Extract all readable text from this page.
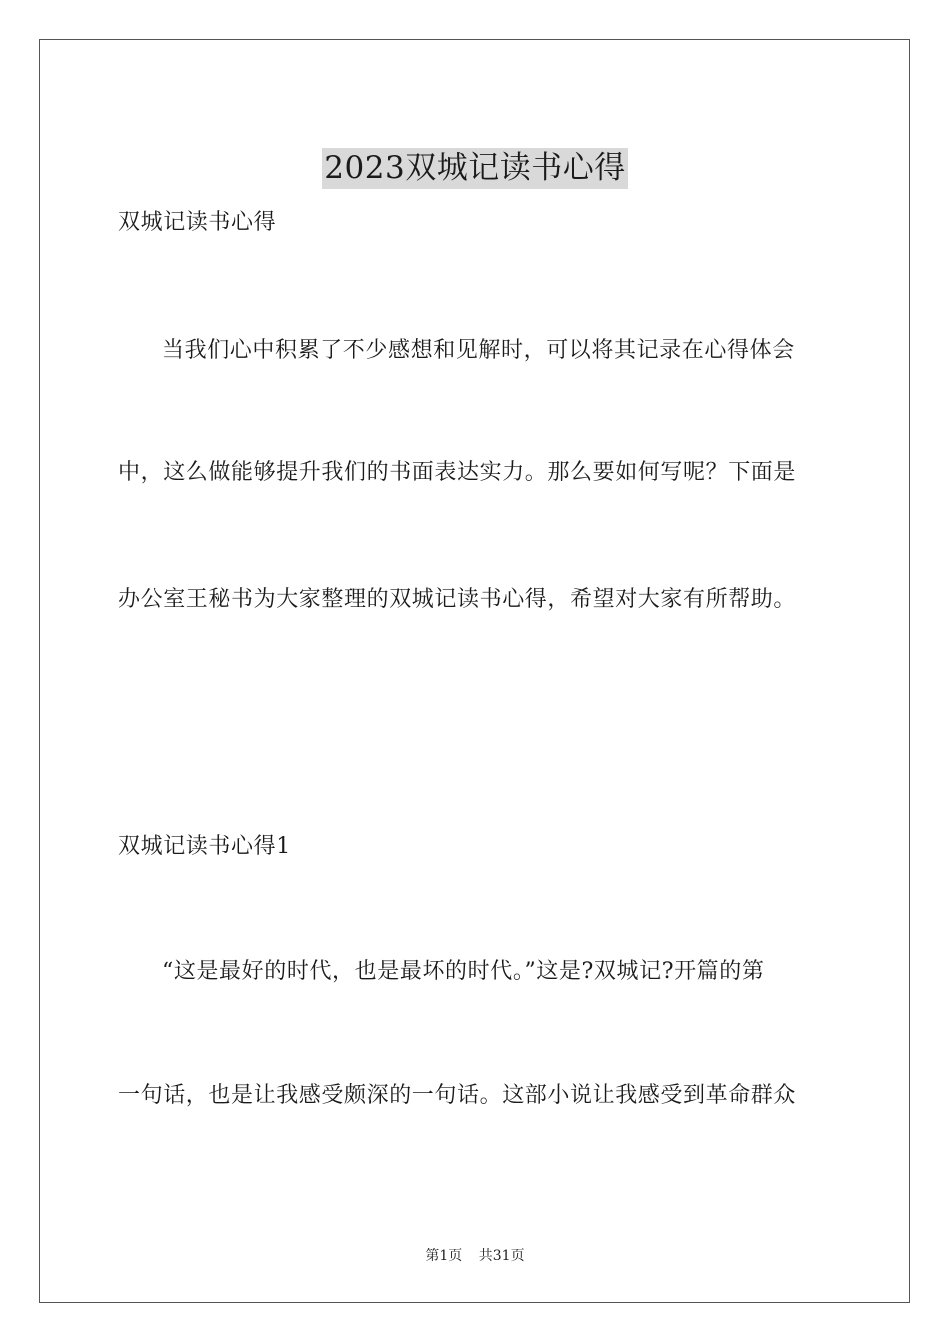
2023双城记读书心得
双城记读书心得
当我们心中积累了不少感想和见解时，可以将其记录在心得体会
中，这么做能够提升我们的书面表达实力。那么要如何写呢？下面是
办公室王秘书为大家整理的双城记读书心得，希望对大家有所帮助。
双城记读书心得1
“这是最好的时代，也是最坏的时代。”这是?双城记?开篇的第
一句话，也是让我感受颇深的一句话。这部小说让我感受到革命群众
第1页 共31页
